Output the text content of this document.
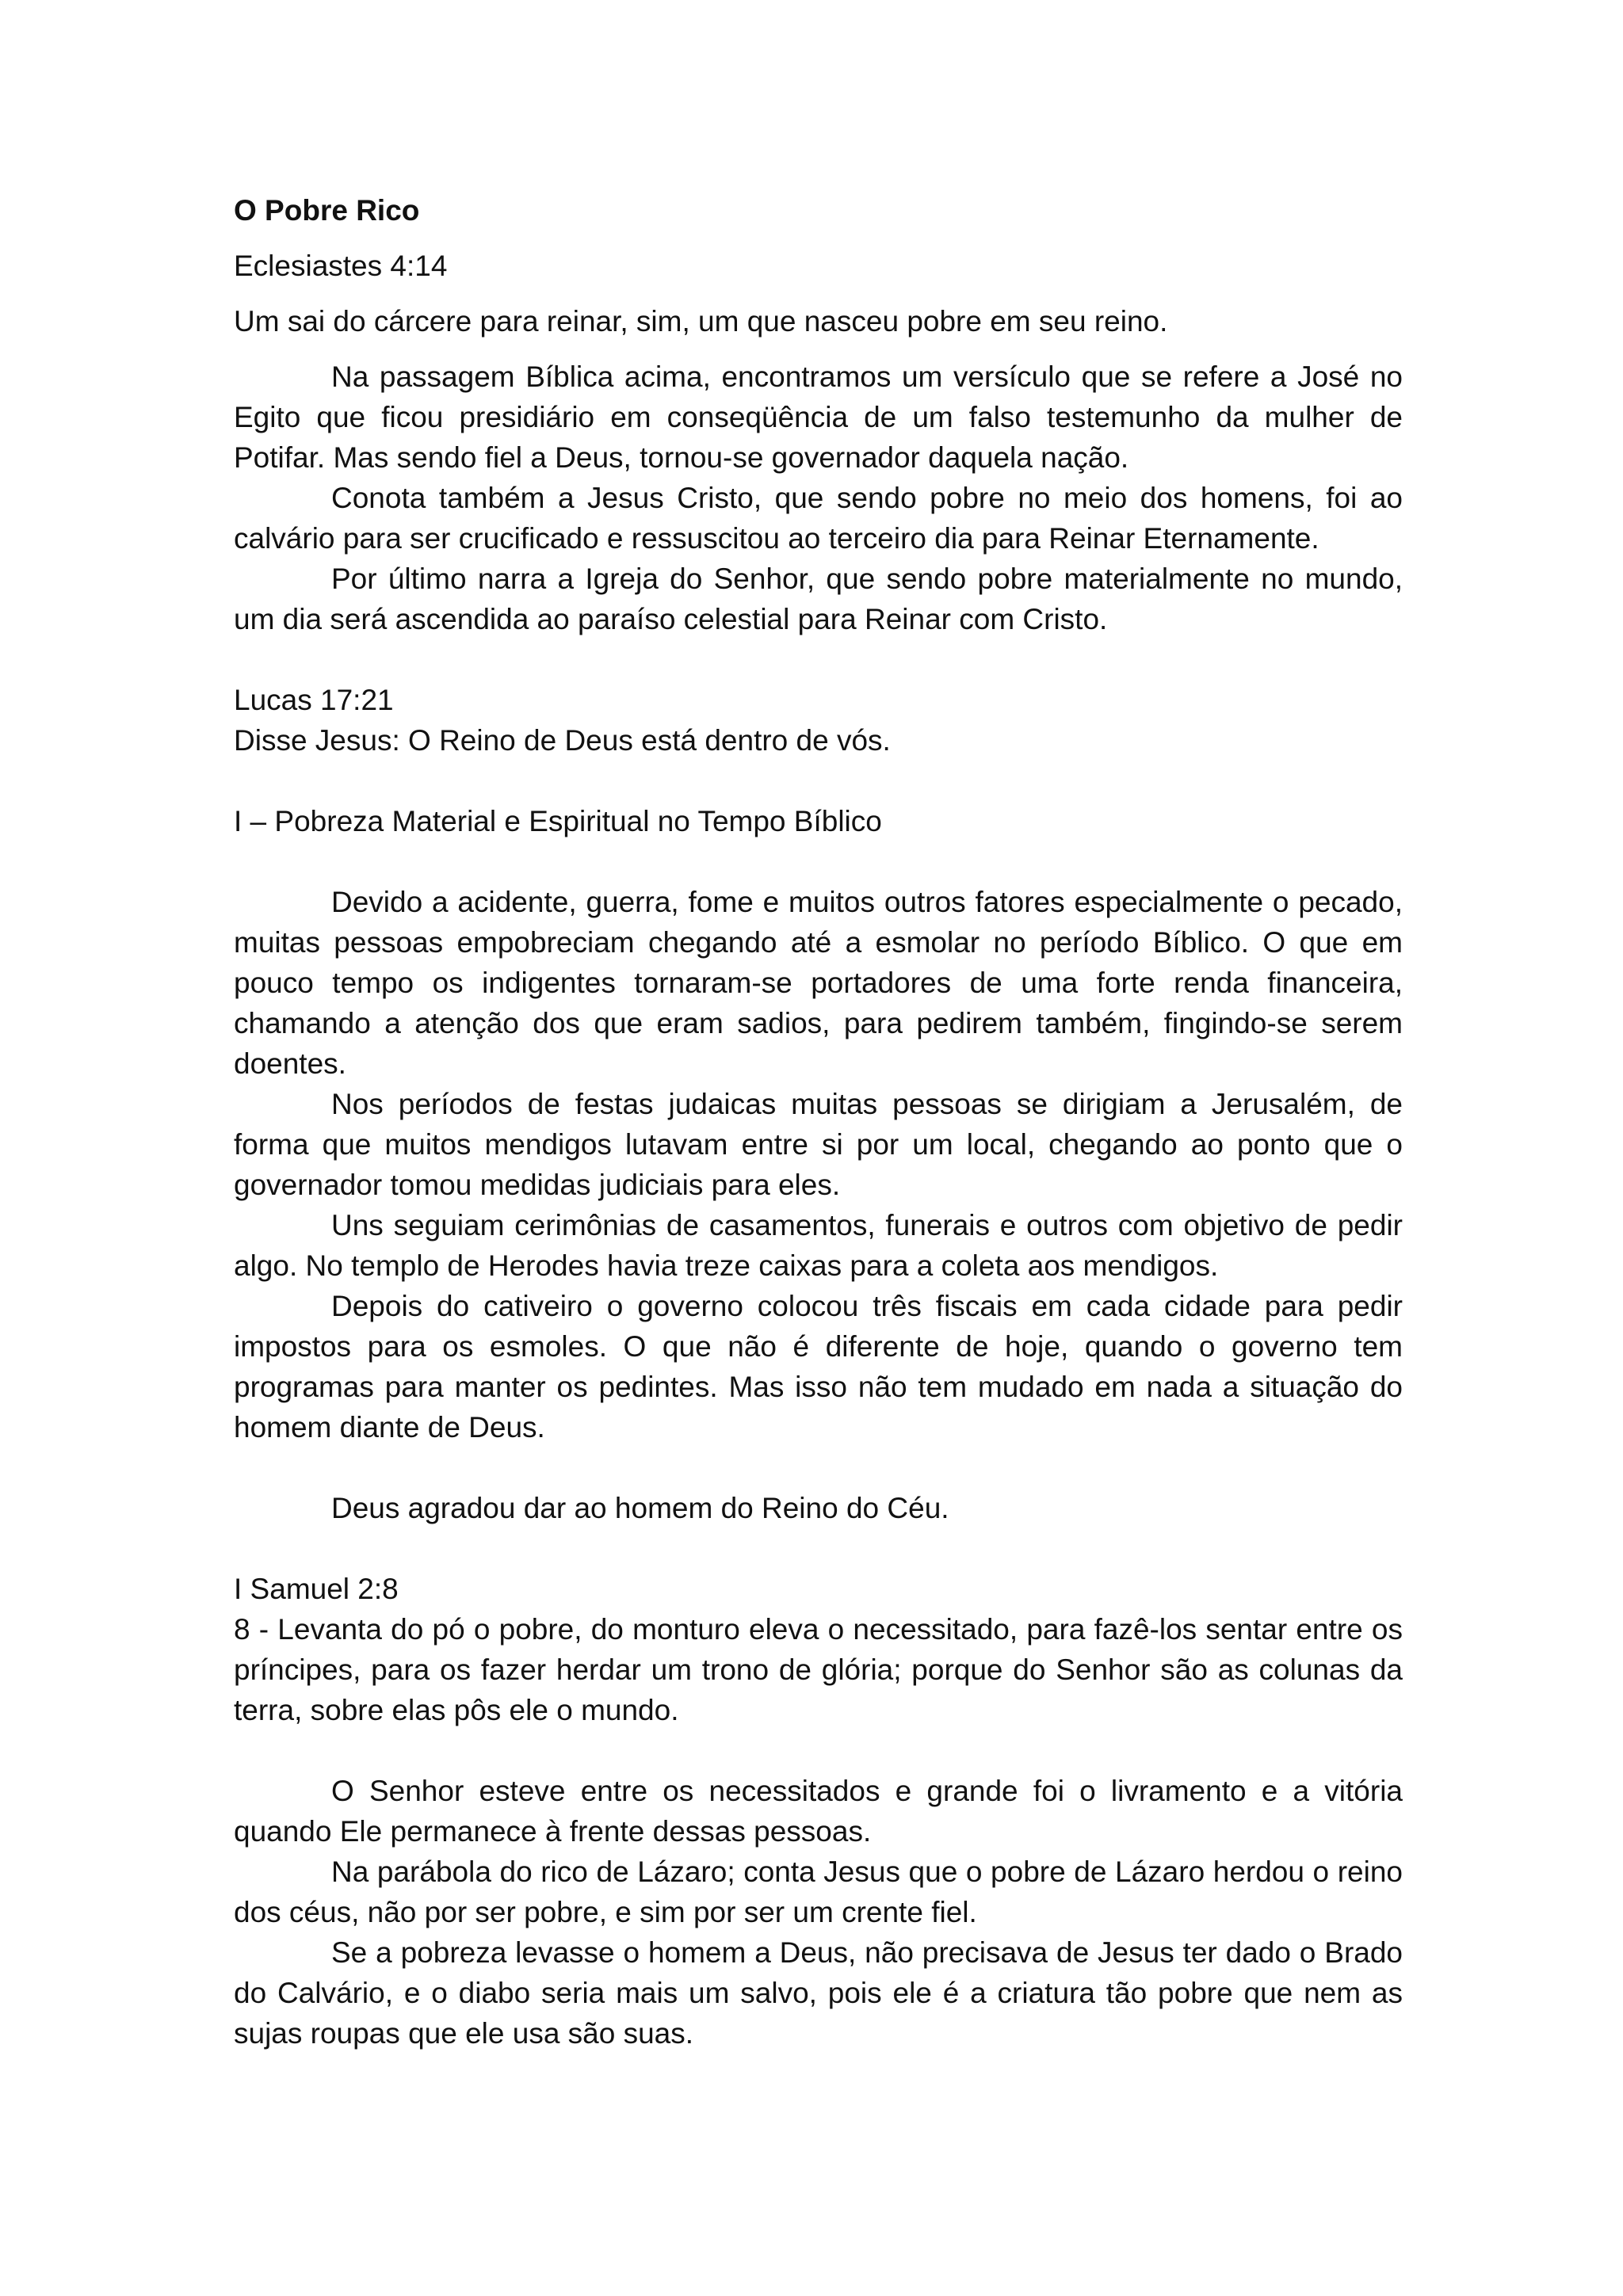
O Pobre Rico

Eclesiastes 4:14

Um sai do cárcere para reinar, sim, um que nasceu pobre em seu reino.

Na passagem Bíblica acima, encontramos um versículo que se refere a José no Egito que ficou presidiário em conseqüência de um falso testemunho da mulher de Potifar. Mas sendo fiel a Deus, tornou-se governador daquela nação.

Conota também a Jesus Cristo, que sendo pobre no meio dos homens, foi ao calvário para ser crucificado e ressuscitou ao terceiro dia para Reinar Eternamente.

Por último narra a Igreja do Senhor, que sendo pobre materialmente no mundo, um dia será ascendida ao paraíso celestial para Reinar com Cristo.

Lucas 17:21

Disse Jesus: O Reino de Deus está dentro de vós.

I – Pobreza Material e Espiritual no Tempo Bíblico

Devido a acidente, guerra, fome e muitos outros fatores especialmente o pecado, muitas pessoas empobreciam chegando até a esmolar no período Bíblico. O que em pouco tempo os indigentes tornaram-se portadores de uma forte renda financeira, chamando a atenção dos que eram sadios, para pedirem também, fingindo-se serem doentes.

Nos períodos de festas judaicas muitas pessoas se dirigiam a Jerusalém, de forma que muitos mendigos lutavam entre si por um local, chegando ao ponto que o governador tomou medidas judiciais para eles.

Uns seguiam cerimônias de casamentos, funerais e outros com objetivo de pedir algo. No templo de Herodes havia treze caixas para a coleta aos mendigos.

Depois do cativeiro o governo colocou três fiscais em cada cidade para pedir impostos para os esmoles. O que não é diferente de hoje, quando o governo tem programas para manter os pedintes. Mas isso não tem mudado em nada a situação do homem diante de Deus.

Deus agradou dar ao homem do Reino do Céu.

I Samuel 2:8

8 - Levanta do pó o pobre, do monturo eleva o necessitado, para fazê-los sentar entre os príncipes, para os fazer herdar um trono de glória; porque do Senhor são as colunas da terra, sobre elas pôs ele o mundo.

O Senhor esteve entre os necessitados e grande foi o livramento e a vitória quando Ele permanece à frente dessas pessoas.

Na parábola do rico de Lázaro; conta Jesus que o pobre de Lázaro herdou o reino dos céus, não por ser pobre, e sim por ser um crente fiel.

Se a pobreza levasse o homem a Deus, não precisava de Jesus ter dado o Brado do Calvário, e o diabo seria mais um salvo, pois ele é a criatura tão pobre que nem as sujas roupas que ele usa são suas.
